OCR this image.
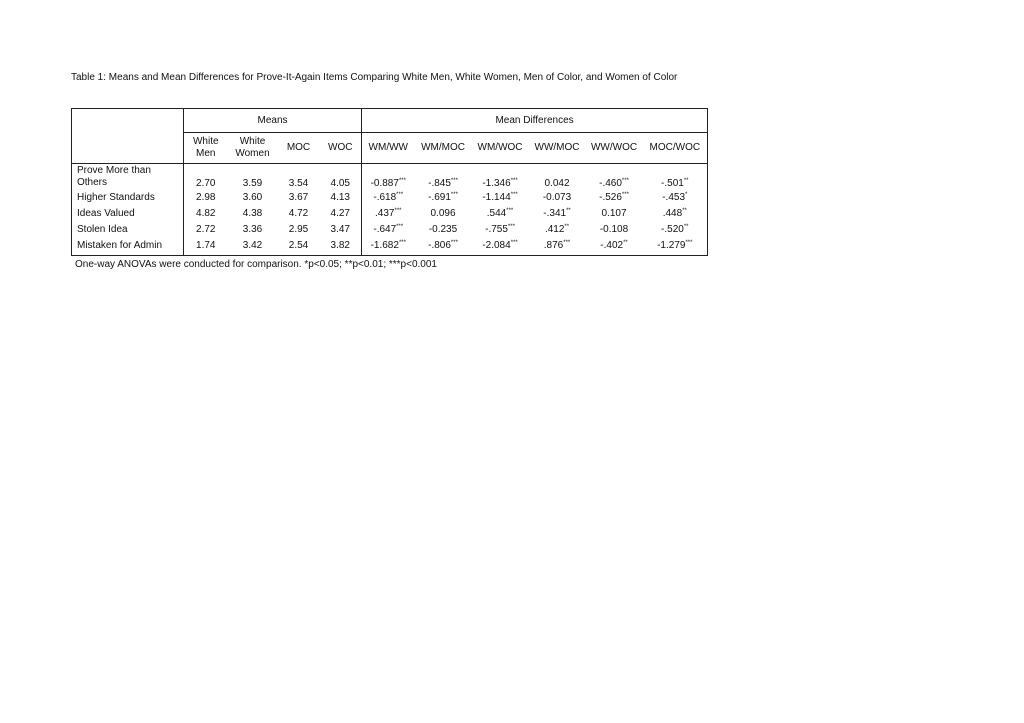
Table 1: Means and Mean Differences for Prove-It-Again Items Comparing White Men, White Women, Men of Color, and Women of Color
	Means				Mean Differences					
	White Men	White Women	MOC	WOC	WM/WW	WM/MOC	WM/WOC	WW/MOC	WW/WOC	MOC/WOC

Prove More than
Others	2.70	3.59	3.54	4.05	-0.887***	-.845***	-1.346***	0.042	-.460***	-.501**
Higher Standards	2.98	3.60	3.67	4.13	-.618***	-.691***	-1.144***	-0.073	-.526***	-.453*
Ideas Valued	4.82	4.38	4.72	4.27	.437***	0.096	.544***	-.341**	0.107	.448**
Stolen Idea	2.72	3.36	2.95	3.47	-.647***	-0.235	-.755***	.412**	-0.108	-.520**
Mistaken for Admin	1.74	3.42	2.54	3.82	-1.682***	-.806***	-2.084***	.876***	-.402**	-1.279***
One-way ANOVAs were conducted for comparison. *p<0.05; **p<0.01; ***p<0.001
